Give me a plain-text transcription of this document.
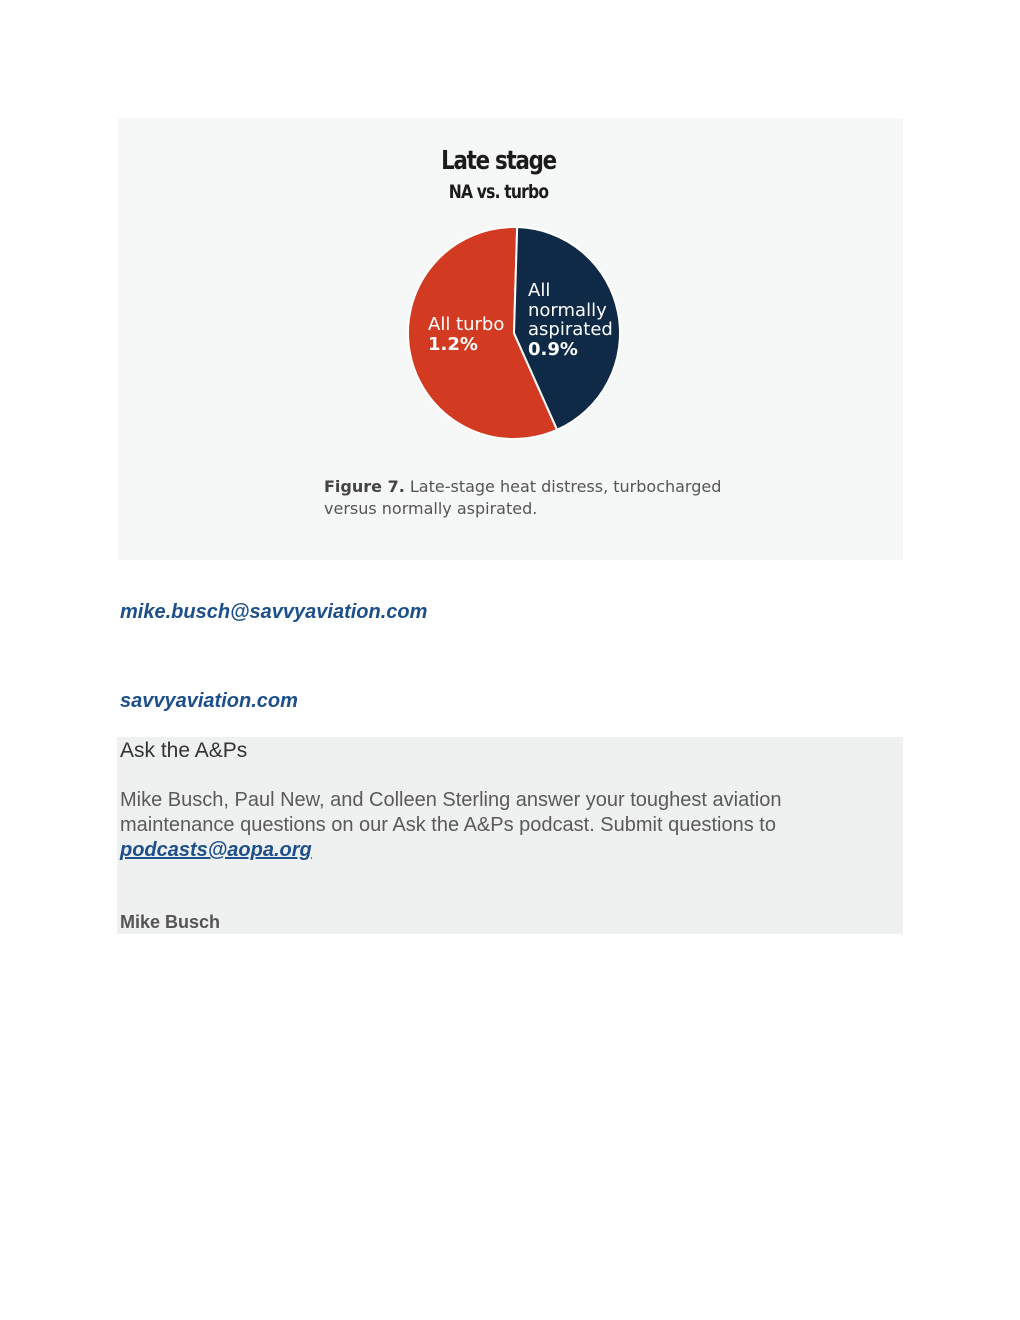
Late stage
NA vs. turbo
All turbo
1.2%
All
normally
aspirated
0.9%
Figure 7. Late-stage heat distress, turbocharged versus normally aspirated.
mike.busch@savvyaviation.com
savvyaviation.com
Ask the A&Ps
Mike Busch, Paul New, and Colleen Sterling answer your toughest aviation maintenance questions on our Ask the A&Ps podcast. Submit questions to podcasts@aopa.org
Mike Busch
